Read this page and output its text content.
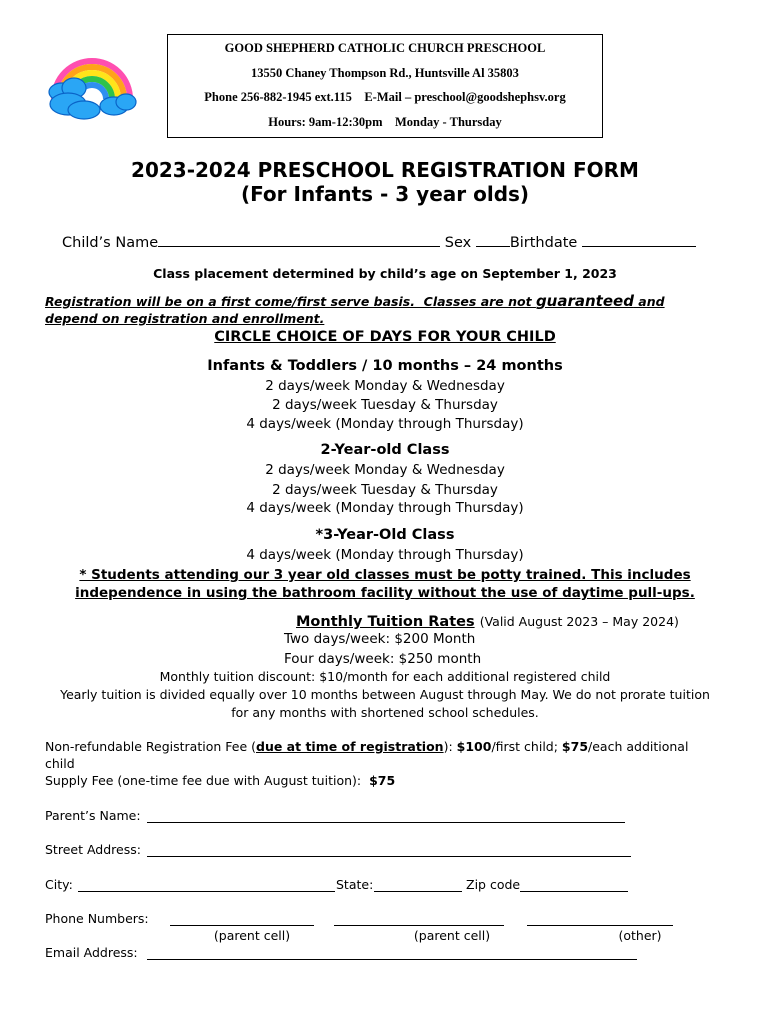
GOOD SHEPHERD CATHOLIC CHURCH PRESCHOOL
13550 Chaney Thompson Rd., Huntsville Al 35803
Phone 256-882-1945 ext.115    E-Mail – preschool@goodshephsv.org
Hours: 9am-12:30pm    Monday - Thursday
2023-2024 PRESCHOOL REGISTRATION FORM
(For Infants - 3 year olds)
Child’s Name	Sex	Birthdate
Class placement determined by child’s age on September 1, 2023
Registration will be on a first come/first serve basis.  Classes are not guaranteed and
depend on registration and enrollment.
CIRCLE CHOICE OF DAYS FOR YOUR CHILD
Infants & Toddlers / 10 months – 24 months
2 days/week Monday & Wednesday
2 days/week Tuesday & Thursday
4 days/week (Monday through Thursday)
2-Year-old Class
2 days/week Monday & Wednesday
2 days/week Tuesday & Thursday
4 days/week (Monday through Thursday)
*3-Year-Old Class
4 days/week (Monday through Thursday)
* Students attending our 3 year old classes must be potty trained. This includes
independence in using the bathroom facility without the use of daytime pull-ups.
Monthly Tuition Rates (Valid August 2023 – May 2024)
Two days/week: $200 Month
Four days/week: $250 month
Monthly tuition discount: $10/month for each additional registered child
Yearly tuition is divided equally over 10 months between August through May. We do not prorate tuition
for any months with shortened school schedules.
Non-refundable Registration Fee (due at time of registration): $100/first child; $75/each additional
child
Supply Fee (one-time fee due with August tuition):  $75
Parent’s Name:
Street Address:
City:	State:	Zip code
Phone Numbers:
(parent cell)	(parent cell)	(other)
Email Address:
